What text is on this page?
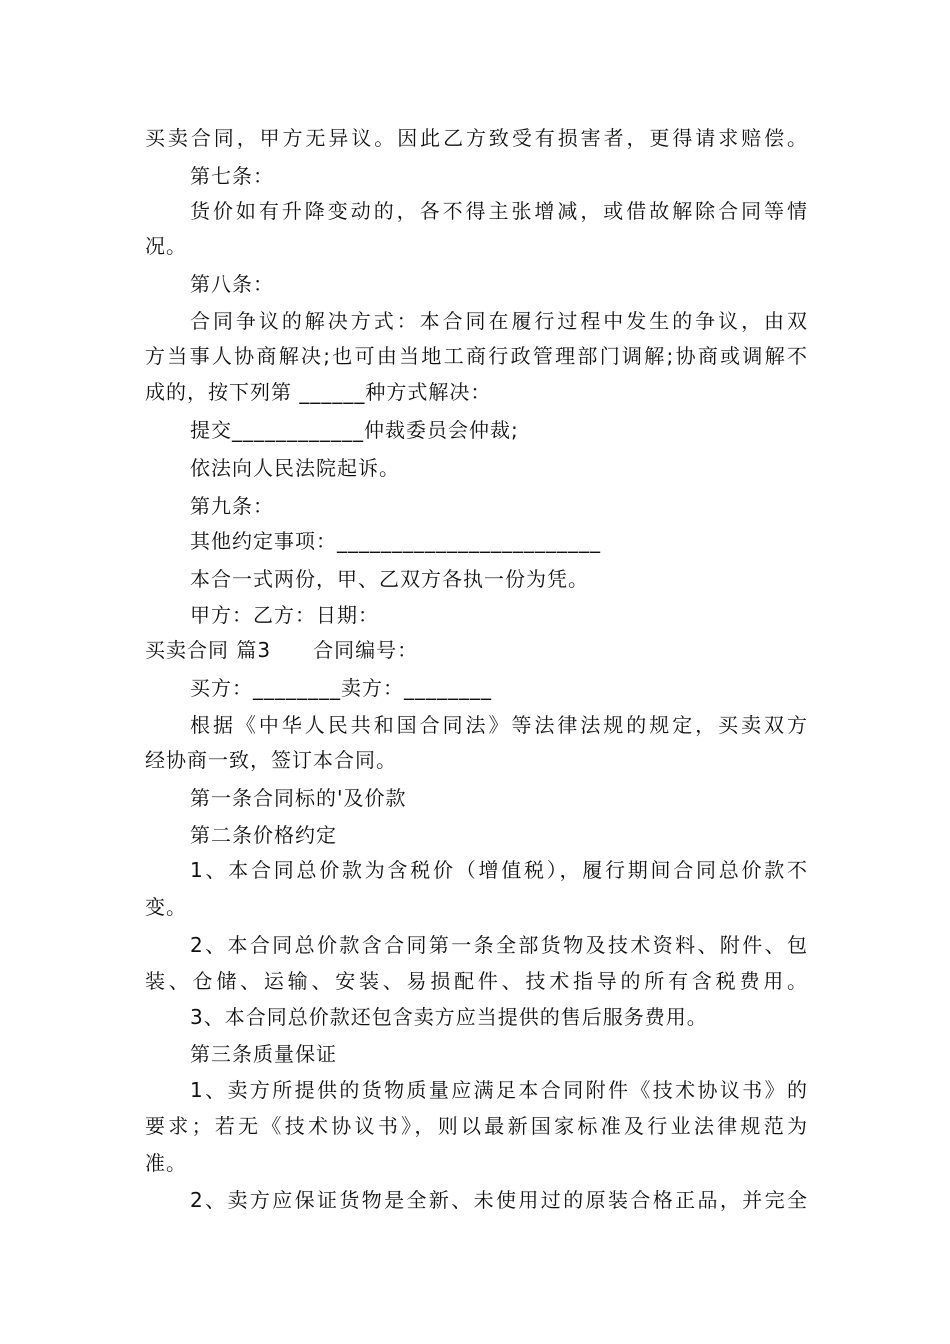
买卖合同，甲方无异议。因此乙方致受有损害者，更得请求赔偿。
第七条：
货价如有升降变动的，各不得主张增减，或借故解除合同等情
况。
第八条：
合同争议的解决方式：本合同在履行过程中发生的争议，由双
方当事人协商解决;也可由当地工商行政管理部门调解;协商或调解不
成的，按下列第 ______种方式解决：
提交____________仲裁委员会仲裁;
依法向人民法院起诉。
第九条：
其他约定事项：________________________
本合一式两份，甲、乙双方各执一份为凭。
甲方：乙方：日期：
买卖合同 篇3　　合同编号：
买方：________卖方：________
根据《中华人民共和国合同法》等法律法规的规定，买卖双方
经协商一致，签订本合同。
第一条合同标的'及价款
第二条价格约定
1、本合同总价款为含税价（增值税），履行期间合同总价款不
变。
2、本合同总价款含合同第一条全部货物及技术资料、附件、包
装、仓储、运输、安装、易损配件、技术指导的所有含税费用。
3、本合同总价款还包含卖方应当提供的售后服务费用。
第三条质量保证
1、卖方所提供的货物质量应满足本合同附件《技术协议书》的
要求；若无《技术协议书》，则以最新国家标准及行业法律规范为
准。
2、卖方应保证货物是全新、未使用过的原装合格正品，并完全
